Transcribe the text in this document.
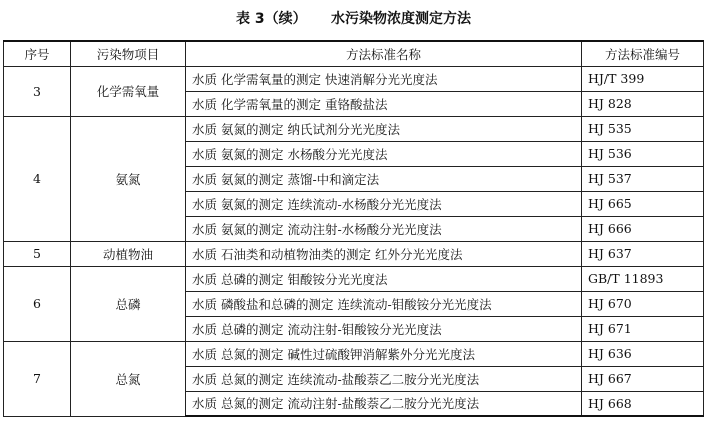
表 3（续）     水污染物浓度测定方法
序号	污染物项目	方法标准名称	方法标准编号
3	化学需氧量	水质 化学需氧量的测定 快速消解分光光度法	HJ/T 399
		水质 化学需氧量的测定 重铬酸盐法	HJ 828
4	氨氮	水质 氨氮的测定 纳氏试剂分光光度法	HJ 535
		水质 氨氮的测定 水杨酸分光光度法	HJ 536
		水质 氨氮的测定 蒸馏-中和滴定法	HJ 537
		水质 氨氮的测定 连续流动-水杨酸分光光度法	HJ 665
		水质 氨氮的测定 流动注射-水杨酸分光光度法	HJ 666
5	动植物油	水质 石油类和动植物油类的测定 红外分光光度法	HJ 637
6	总磷	水质 总磷的测定 钼酸铵分光光度法	GB/T 11893
		水质 磷酸盐和总磷的测定 连续流动-钼酸铵分光光度法	HJ 670
		水质 总磷的测定 流动注射-钼酸铵分光光度法	HJ 671
7	总氮	水质 总氮的测定 碱性过硫酸钾消解紫外分光光度法	HJ 636
		水质 总氮的测定 连续流动-盐酸萘乙二胺分光光度法	HJ 667
		水质 总氮的测定 流动注射-盐酸萘乙二胺分光光度法	HJ 668
